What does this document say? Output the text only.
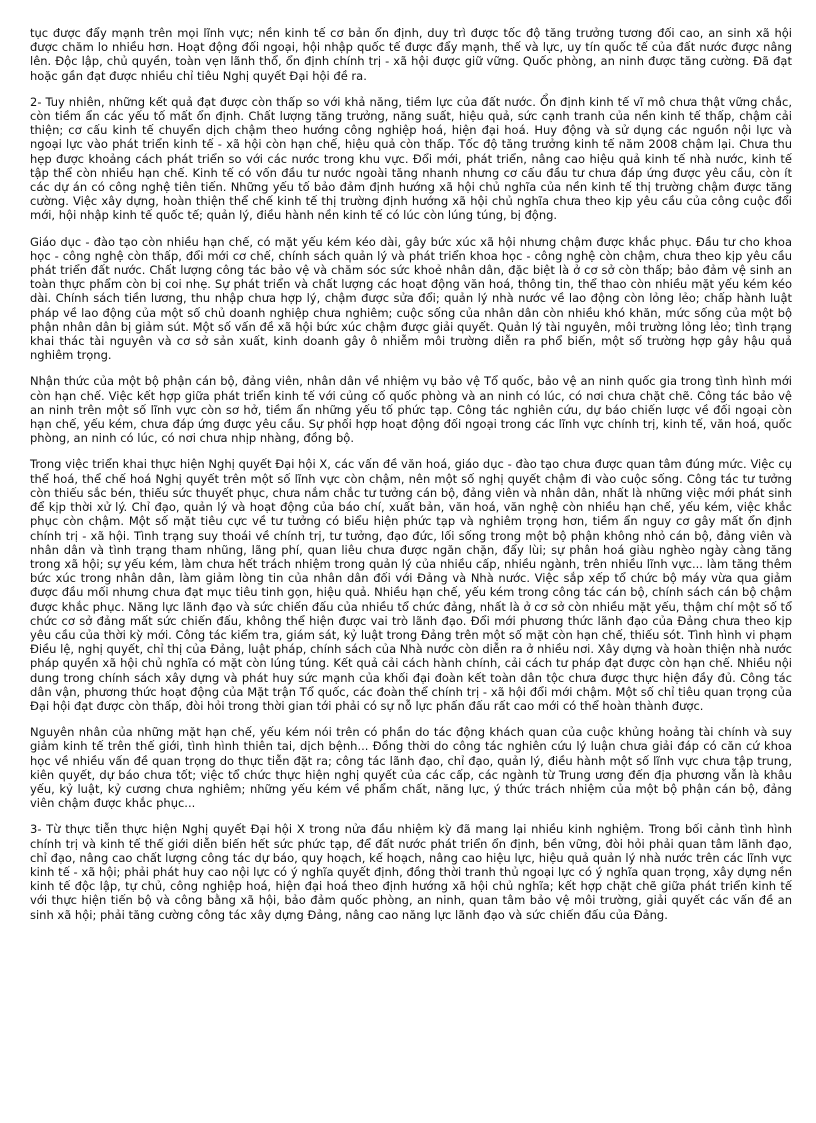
tục được đẩy mạnh trên mọi lĩnh vực; nền kinh tế cơ bản ổn định, duy trì được tốc độ tăng trưởng tương đối cao, an sinh xã hội được chăm lo nhiều hơn. Hoạt động đối ngoại, hội nhập quốc tế được đẩy mạnh, thế và lực, uy tín quốc tế của đất nước được nâng lên. Độc lập, chủ quyền, toàn vẹn lãnh thổ, ổn định chính trị - xã hội được giữ vững. Quốc phòng, an ninh được tăng cường. Đã đạt hoặc gần đạt được nhiều chỉ tiêu Nghị quyết Đại hội đề ra.

2- Tuy nhiên, những kết quả đạt được còn thấp so với khả năng, tiềm lực của đất nước. Ổn định kinh tế vĩ mô chưa thật vững chắc, còn tiềm ẩn các yếu tố mất ổn định. Chất lượng tăng trưởng, năng suất, hiệu quả, sức cạnh tranh của nền kinh tế thấp, chậm cải thiện; cơ cấu kinh tế chuyển dịch chậm theo hướng công nghiệp hoá, hiện đại hoá. Huy động và sử dụng các nguồn nội lực và ngoại lực vào phát triển kinh tế - xã hội còn hạn chế, hiệu quả còn thấp. Tốc độ tăng trưởng kinh tế năm 2008 chậm lại. Chưa thu hẹp được khoảng cách phát triển so với các nước trong khu vực. Đổi mới, phát triển, nâng cao hiệu quả kinh tế nhà nước, kinh tế tập thể còn nhiều hạn chế. Kinh tế có vốn đầu tư nước ngoài tăng nhanh nhưng cơ cấu đầu tư chưa đáp ứng được yêu cầu, còn ít các dự án có công nghệ tiên tiến. Những yếu tố bảo đảm định hướng xã hội chủ nghĩa của nền kinh tế thị trường chậm được tăng cường. Việc xây dựng, hoàn thiện thể chế kinh tế thị trường định hướng xã hội chủ nghĩa chưa theo kịp yêu cầu của công cuộc đổi mới, hội nhập kinh tế quốc tế; quản lý, điều hành nền kinh tế có lúc còn lúng túng, bị động.

Giáo dục - đào tạo còn nhiều hạn chế, có mặt yếu kém kéo dài, gây bức xúc xã hội nhưng chậm được khắc phục. Đầu tư cho khoa học - công nghệ còn thấp, đổi mới cơ chế, chính sách quản lý và phát triển khoa học - công nghệ còn chậm, chưa theo kịp yêu cầu phát triển đất nước. Chất lượng công tác bảo vệ và chăm sóc sức khoẻ nhân dân, đặc biệt là ở cơ sở còn thấp; bảo đảm vệ sinh an toàn thực phẩm còn bị coi nhẹ. Sự phát triển và chất lượng các hoạt động văn hoá, thông tin, thể thao còn nhiều mặt yếu kém kéo dài. Chính sách tiền lương, thu nhập chưa hợp lý, chậm được sửa đổi; quản lý nhà nước về lao động còn lỏng lẻo; chấp hành luật pháp về lao động của một số chủ doanh nghiệp chưa nghiêm; cuộc sống của nhân dân còn nhiều khó khăn, mức sống của một bộ phận nhân dân bị giảm sút. Một số vấn đề xã hội bức xúc chậm được giải quyết. Quản lý tài nguyên, môi trường lỏng lẻo; tình trạng khai thác tài nguyên và cơ sở sản xuất, kinh doanh gây ô nhiễm môi trường diễn ra phổ biến, một số trường hợp gây hậu quả nghiêm trọng.

Nhận thức của một bộ phận cán bộ, đảng viên, nhân dân về nhiệm vụ bảo vệ Tổ quốc, bảo vệ an ninh quốc gia trong tình hình mới còn hạn chế. Việc kết hợp giữa phát triển kinh tế với củng cố quốc phòng và an ninh có lúc, có nơi chưa chặt chẽ. Công tác bảo vệ an ninh trên một số lĩnh vực còn sơ hở, tiềm ẩn những yếu tố phức tạp. Công tác nghiên cứu, dự báo chiến lược về đối ngoại còn hạn chế, yếu kém, chưa đáp ứng được yêu cầu. Sự phối hợp hoạt động đối ngoại trong các lĩnh vực chính trị, kinh tế, văn hoá, quốc phòng, an ninh có lúc, có nơi chưa nhịp nhàng, đồng bộ.

Trong việc triển khai thực hiện Nghị quyết Đại hội X, các vấn đề văn hoá, giáo dục - đào tạo chưa được quan tâm đúng mức. Việc cụ thể hoá, thể chế hoá Nghị quyết trên một số lĩnh vực còn chậm, nên một số nghị quyết chậm đi vào cuộc sống. Công tác tư tưởng còn thiếu sắc bén, thiếu sức thuyết phục, chưa nắm chắc tư tưởng cán bộ, đảng viên và nhân dân, nhất là những việc mới phát sinh để kịp thời xử lý. Chỉ đạo, quản lý và hoạt động của báo chí, xuất bản, văn hoá, văn nghệ còn nhiều hạn chế, yếu kém, việc khắc phục còn chậm. Một số mặt tiêu cực về tư tưởng có biểu hiện phức tạp và nghiêm trọng hơn, tiềm ẩn nguy cơ gây mất ổn định chính trị - xã hội. Tình trạng suy thoái về chính trị, tư tưởng, đạo đức, lối sống trong một bộ phận không nhỏ cán bộ, đảng viên và nhân dân và tình trạng tham nhũng, lãng phí, quan liêu chưa được ngăn chặn, đẩy lùi; sự phân hoá giàu nghèo ngày càng tăng trong xã hội; sự yếu kém, làm chưa hết trách nhiệm trong quản lý của nhiều cấp, nhiều ngành, trên nhiều lĩnh vực... làm tăng thêm bức xúc trong nhân dân, làm giảm lòng tin của nhân dân đối với Đảng và Nhà nước. Việc sắp xếp tổ chức bộ máy vừa qua giảm được đầu mối nhưng chưa đạt mục tiêu tinh gọn, hiệu quả. Nhiều hạn chế, yếu kém trong công tác cán bộ, chính sách cán bộ chậm được khắc phục. Năng lực lãnh đạo và sức chiến đấu của nhiều tổ chức đảng, nhất là ở cơ sở còn nhiều mặt yếu, thậm chí một số tổ chức cơ sở đảng mất sức chiến đấu, không thể hiện được vai trò lãnh đạo. Đổi mới phương thức lãnh đạo của Đảng chưa theo kịp yêu cầu của thời kỳ mới. Công tác kiểm tra, giám sát, kỷ luật trong Đảng trên một số mặt còn hạn chế, thiếu sót. Tình hình vi phạm Điều lệ, nghị quyết, chỉ thị của Đảng, luật pháp, chính sách của Nhà nước còn diễn ra ở nhiều nơi. Xây dựng và hoàn thiện nhà nước pháp quyền xã hội chủ nghĩa có mặt còn lúng túng. Kết quả cải cách hành chính, cải cách tư pháp đạt được còn hạn chế. Nhiều nội dung trong chính sách xây dựng và phát huy sức mạnh của khối đại đoàn kết toàn dân tộc chưa được thực hiện đầy đủ. Công tác dân vận, phương thức hoạt động của Mặt trận Tổ quốc, các đoàn thể chính trị - xã hội đổi mới chậm. Một số chỉ tiêu quan trọng của Đại hội đạt được còn thấp, đòi hỏi trong thời gian tới phải có sự nỗ lực phấn đấu rất cao mới có thể hoàn thành được.

Nguyên nhân của những mặt hạn chế, yếu kém nói trên có phần do tác động khách quan của cuộc khủng hoảng tài chính và suy giảm kinh tế trên thế giới, tình hình thiên tai, dịch bệnh... Đồng thời do công tác nghiên cứu lý luận chưa giải đáp có căn cứ khoa học về nhiều vấn đề quan trọng do thực tiễn đặt ra; công tác lãnh đạo, chỉ đạo, quản lý, điều hành một số lĩnh vực chưa tập trung, kiên quyết, dự báo chưa tốt; việc tổ chức thực hiện nghị quyết của các cấp, các ngành từ Trung ương đến địa phương vẫn là khâu yếu, kỷ luật, kỷ cương chưa nghiêm; những yếu kém về phẩm chất, năng lực, ý thức trách nhiệm của một bộ phận cán bộ, đảng viên chậm được khắc phục...

3- Từ thực tiễn thực hiện Nghị quyết Đại hội X trong nửa đầu nhiệm kỳ đã mang lại nhiều kinh nghiệm. Trong bối cảnh tình hình chính trị và kinh tế thế giới diễn biến hết sức phức tạp, để đất nước phát triển ổn định, bền vững, đòi hỏi phải quan tâm lãnh đạo, chỉ đạo, nâng cao chất lượng công tác dự báo, quy hoạch, kế hoạch, nâng cao hiệu lực, hiệu quả quản lý nhà nước trên các lĩnh vực kinh tế - xã hội; phải phát huy cao nội lực có ý nghĩa quyết định, đồng thời tranh thủ ngoại lực có ý nghĩa quan trọng, xây dựng nền kinh tế độc lập, tự chủ, công nghiệp hoá, hiện đại hoá theo định hướng xã hội chủ nghĩa; kết hợp chặt chẽ giữa phát triển kinh tế với thực hiện tiến bộ và công bằng xã hội, bảo đảm quốc phòng, an ninh, quan tâm bảo vệ môi trường, giải quyết các vấn đề an sinh xã hội; phải tăng cường công tác xây dựng Đảng, nâng cao năng lực lãnh đạo và sức chiến đấu của Đảng.
